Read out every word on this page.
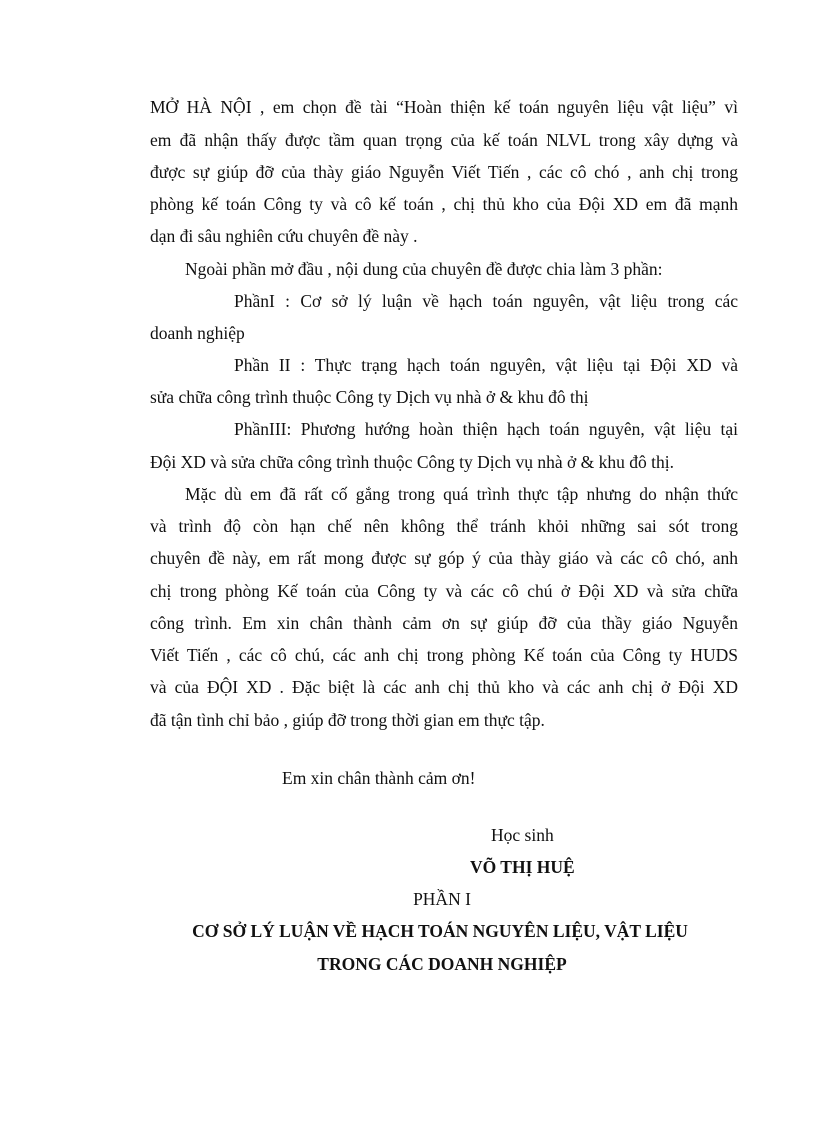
MỞ HÀ NỘI , em chọn đề tài “Hoàn thiện kế toán nguyên liệu vật liệu” vì
em đã nhận thấy được tầm quan trọng của kế toán NLVL trong xây dựng và
được sự giúp đỡ của thày giáo Nguyễn Viết Tiến , các cô chó , anh chị trong
phòng kế toán Công ty và cô kế toán , chị thủ kho của Đội XD em đã mạnh
dạn đi sâu nghiên cứu chuyên đề này .
Ngoài phần mở đầu , nội dung của chuyên đề được chia làm 3 phần:
PhầnI : Cơ sở lý luận về hạch toán nguyên, vật liệu trong các
doanh nghiệp
Phần II : Thực trạng hạch toán nguyên, vật liệu tại Đội XD và
sửa chữa công trình thuộc Công ty Dịch vụ nhà ở & khu đô thị
PhầnIII: Phương hướng hoàn thiện hạch toán nguyên, vật liệu tại
Đội XD và sửa chữa công trình thuộc Công ty Dịch vụ nhà ở & khu đô thị.
Mặc dù em đã rất cố gắng trong quá trình thực tập nhưng do nhận thức
và trình độ còn hạn chế nên không thể tránh khỏi những sai sót trong
chuyên đề này, em rất mong được sự góp ý của thày giáo và các cô chó, anh
chị trong phòng Kế toán của Công ty và các cô chú ở Đội XD và sửa chữa
công trình. Em xin chân thành cảm ơn sự giúp đỡ của thầy giáo Nguyễn
Viết Tiến , các cô chú, các anh chị trong phòng Kế toán của Công ty HUDS
và của ĐỘI XD . Đặc biệt là các anh chị thủ kho và các anh chị ở Đội XD
đã tận tình chỉ bảo , giúp đỡ trong thời gian em thực tập.
Em xin chân thành cảm ơn!
Học sinh
VÕ THỊ HUỆ
PHẦN I
CƠ SỞ LÝ LUẬN VỀ HẠCH TOÁN NGUYÊN LIỆU, VẬT LIỆU
TRONG CÁC DOANH NGHIỆP
